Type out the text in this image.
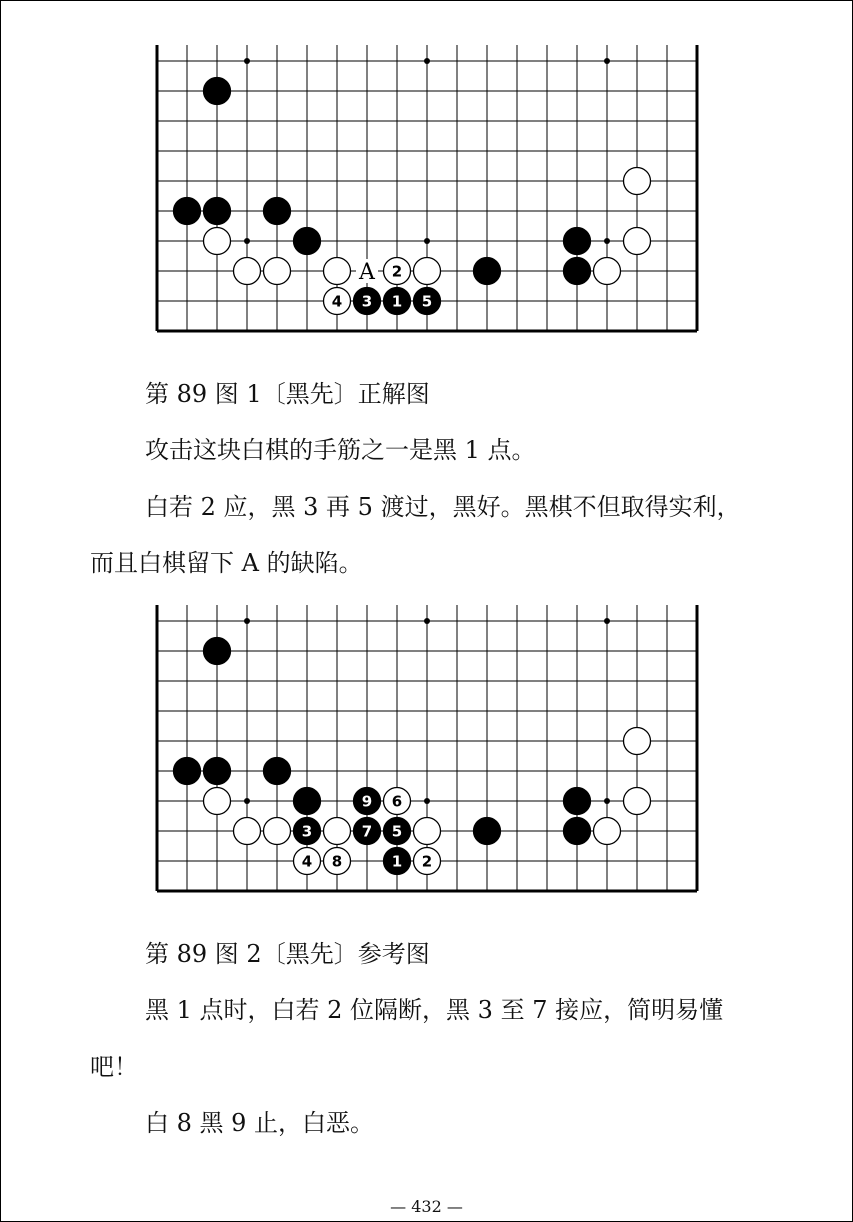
2
4 3 1 5
A
第 89 图 1〔黑先〕正解图
攻击这块白棋的手筋之一是黑 1 点。
白若 2 应，黑 3 再 5 渡过，黑好。黑棋不但取得实利，
而且白棋留下 A 的缺陷。
9 6
3	7 5
4 8	1 2
第 89 图 2〔黑先〕参考图
黑 1 点时，白若 2 位隔断，黑 3 至 7 接应，简明易懂
吧！
白 8 黑 9 止，白恶。
— 432 —
